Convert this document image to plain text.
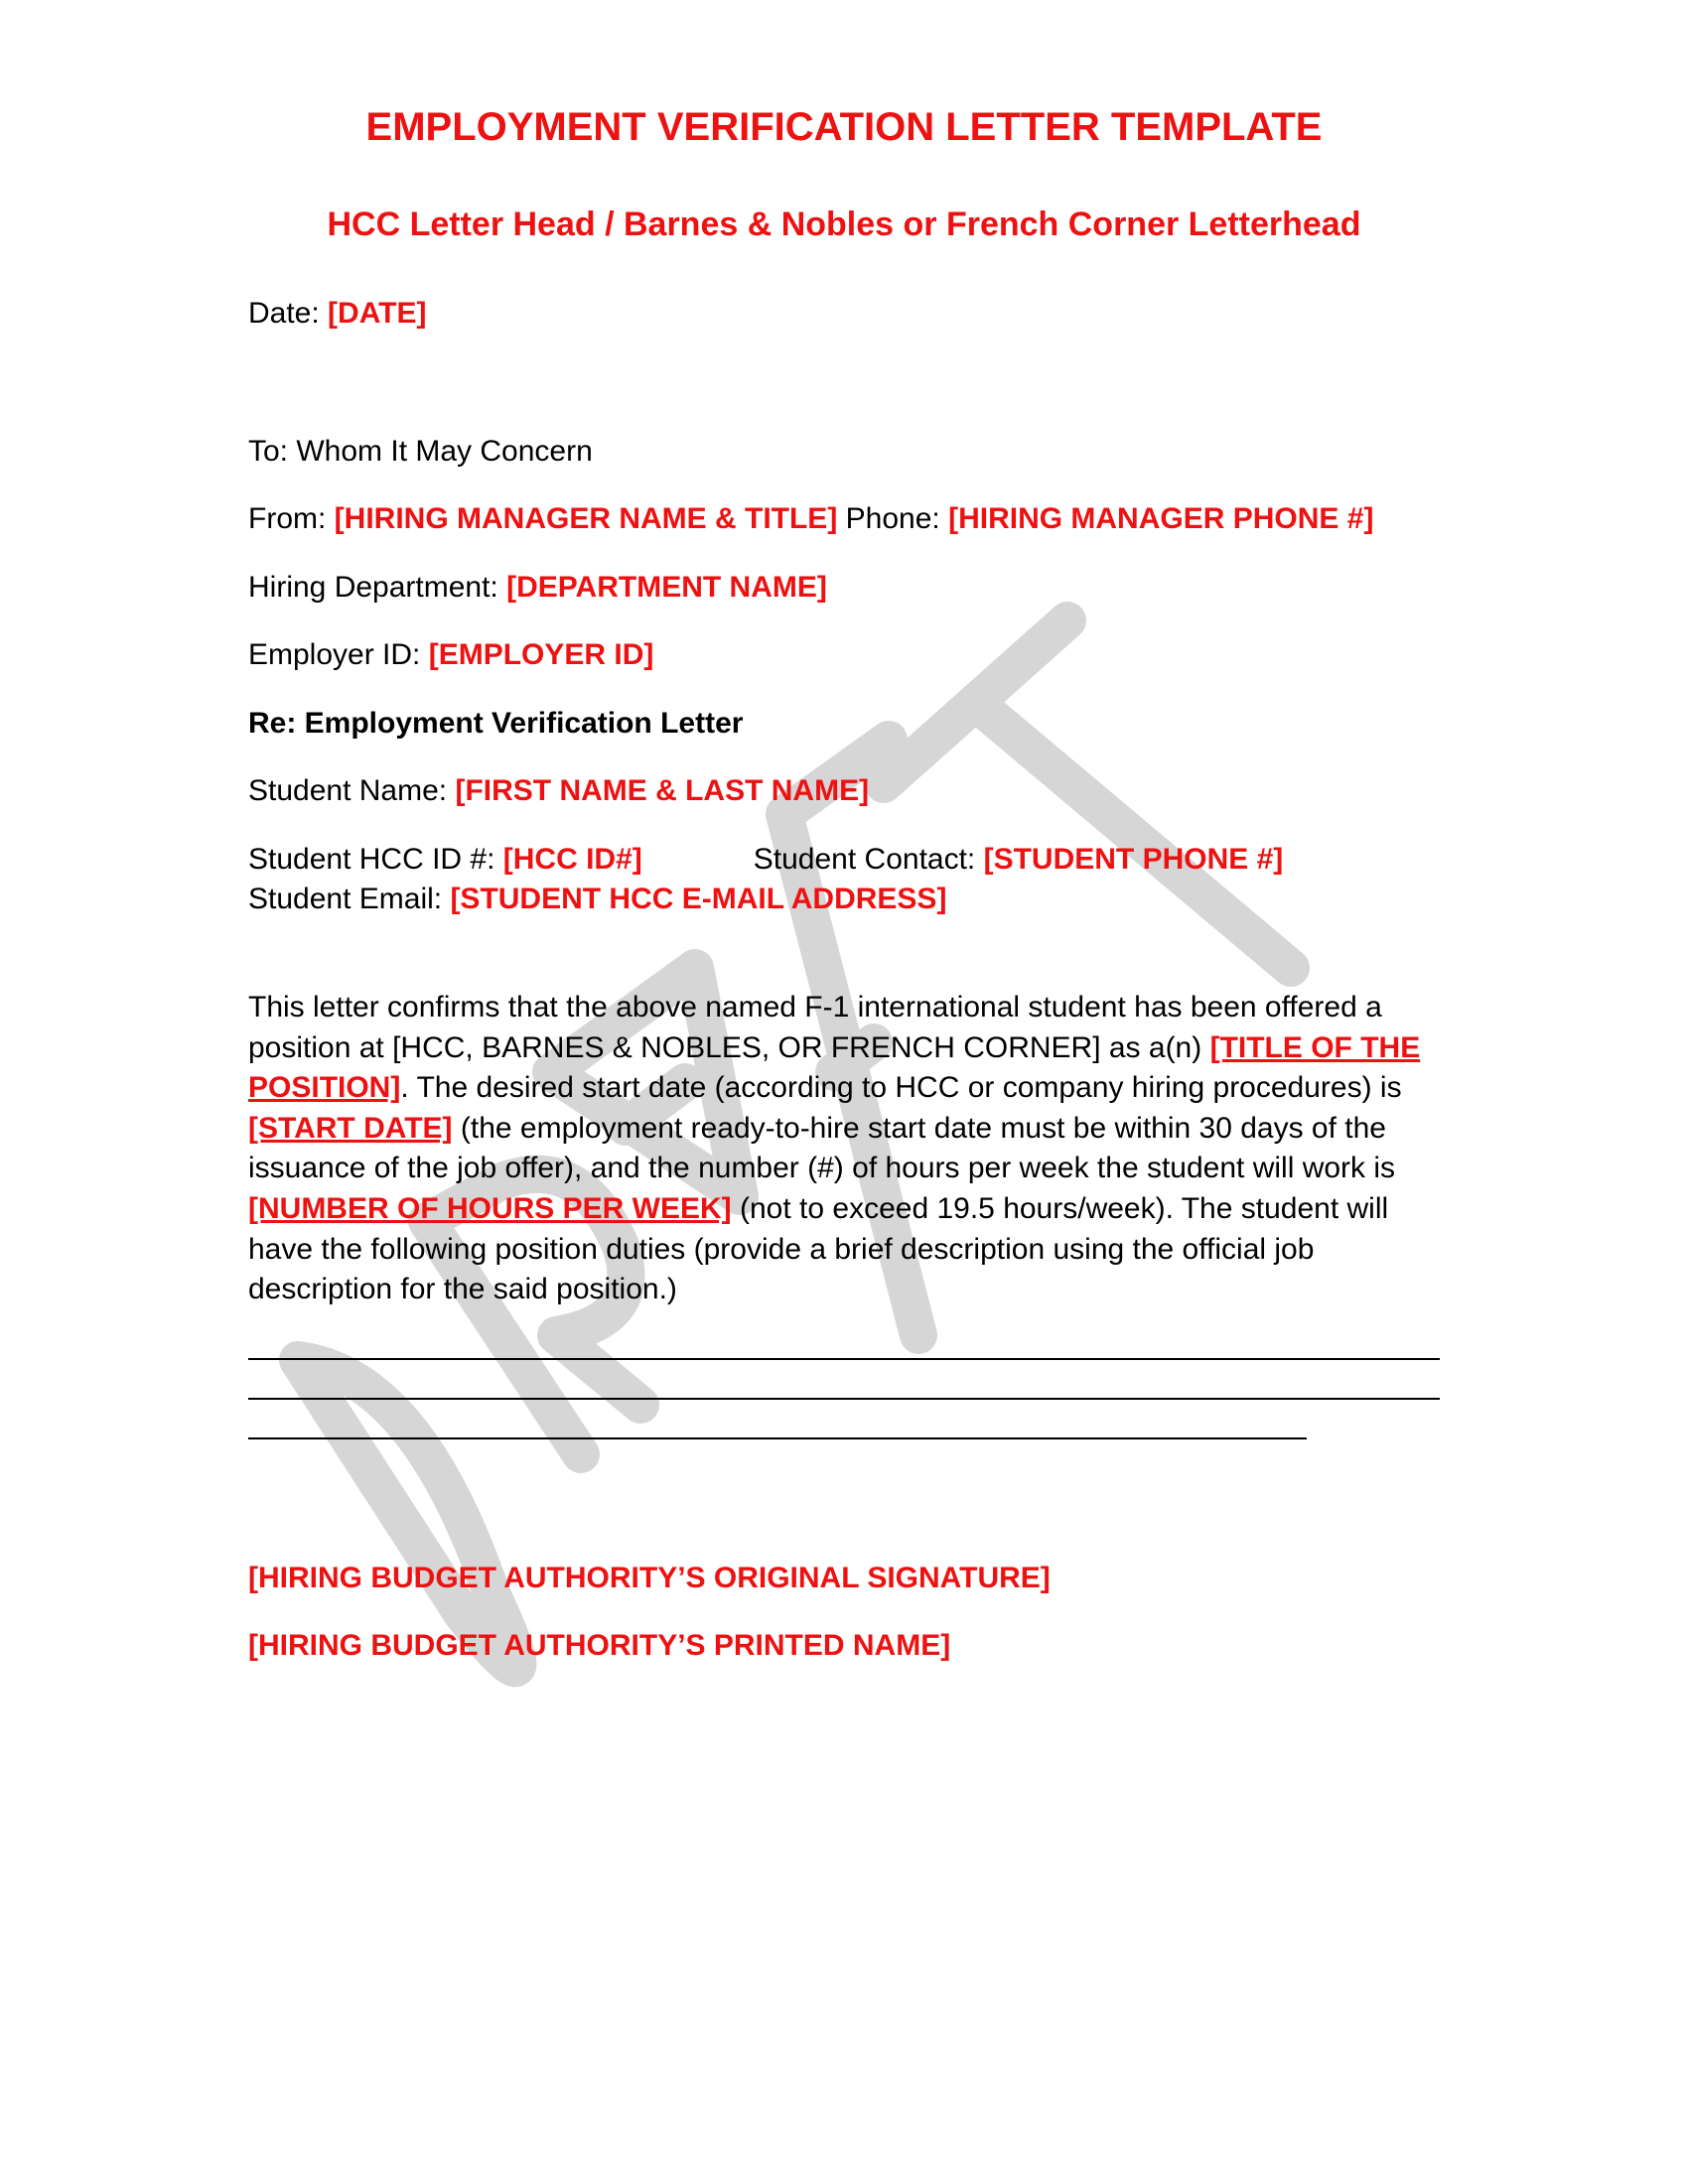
EMPLOYMENT VERIFICATION LETTER TEMPLATE
HCC Letter Head / Barnes & Nobles or French Corner Letterhead
Date: [DATE]
To: Whom It May Concern
From: [HIRING MANAGER NAME & TITLE] Phone: [HIRING MANAGER PHONE #]
Hiring Department: [DEPARTMENT NAME]
Employer ID: [EMPLOYER ID]
Re: Employment Verification Letter
Student Name: [FIRST NAME & LAST NAME]
Student HCC ID #: [HCC ID#]	Student Contact: [STUDENT PHONE #]
Student Email: [STUDENT HCC E-MAIL ADDRESS]
This letter confirms that the above named F-1 international student has been offered a position at [HCC, BARNES & NOBLES, OR FRENCH CORNER] as a(n) [TITLE OF THE POSITION]. The desired start date (according to HCC or company hiring procedures) is [START DATE] (the employment ready-to-hire start date must be within 30 days of the issuance of the job offer), and the number (#) of hours per week the student will work is [NUMBER OF HOURS PER WEEK] (not to exceed 19.5 hours/week). The student will have the following position duties (provide a brief description using the official job description for the said position.)
[HIRING BUDGET AUTHORITY’S ORIGINAL SIGNATURE]
[HIRING BUDGET AUTHORITY’S PRINTED NAME]
